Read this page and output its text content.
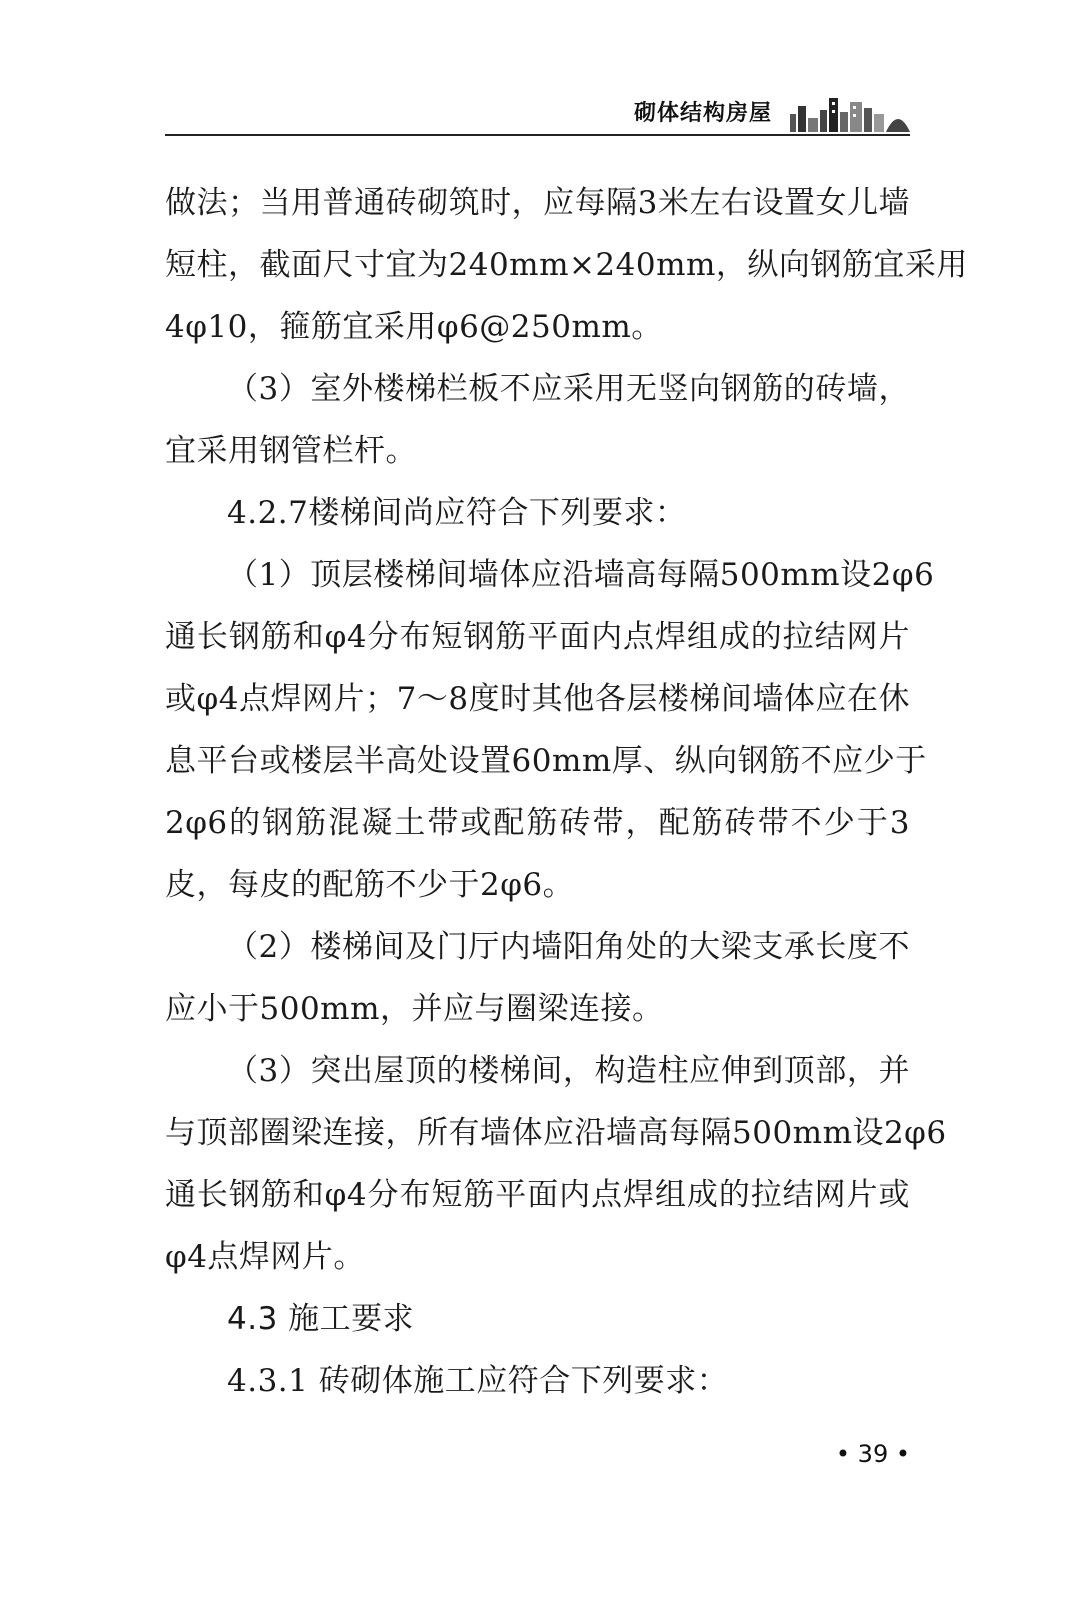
砌体结构房屋
做法；当用普通砖砌筑时，应每隔3米左右设置女儿墙
短柱，截面尺寸宜为240mm×240mm，纵向钢筋宜采用
4φ10，箍筋宜采用φ6@250mm。
（3）室外楼梯栏板不应采用无竖向钢筋的砖墙，
宜采用钢管栏杆。
4.2.7楼梯间尚应符合下列要求：
（1）顶层楼梯间墙体应沿墙高每隔500mm设2φ6
通长钢筋和φ4分布短钢筋平面内点焊组成的拉结网片
或φ4点焊网片；7～8度时其他各层楼梯间墙体应在休
息平台或楼层半高处设置60mm厚、纵向钢筋不应少于
2φ6的钢筋混凝土带或配筋砖带，配筋砖带不少于3
皮，每皮的配筋不少于2φ6。
（2）楼梯间及门厅内墙阳角处的大梁支承长度不
应小于500mm，并应与圈梁连接。
（3）突出屋顶的楼梯间，构造柱应伸到顶部，并
与顶部圈梁连接，所有墙体应沿墙高每隔500mm设2φ6
通长钢筋和φ4分布短筋平面内点焊组成的拉结网片或
φ4点焊网片。
4.3 施工要求
4.3.1 砖砌体施工应符合下列要求：
• 39 •
